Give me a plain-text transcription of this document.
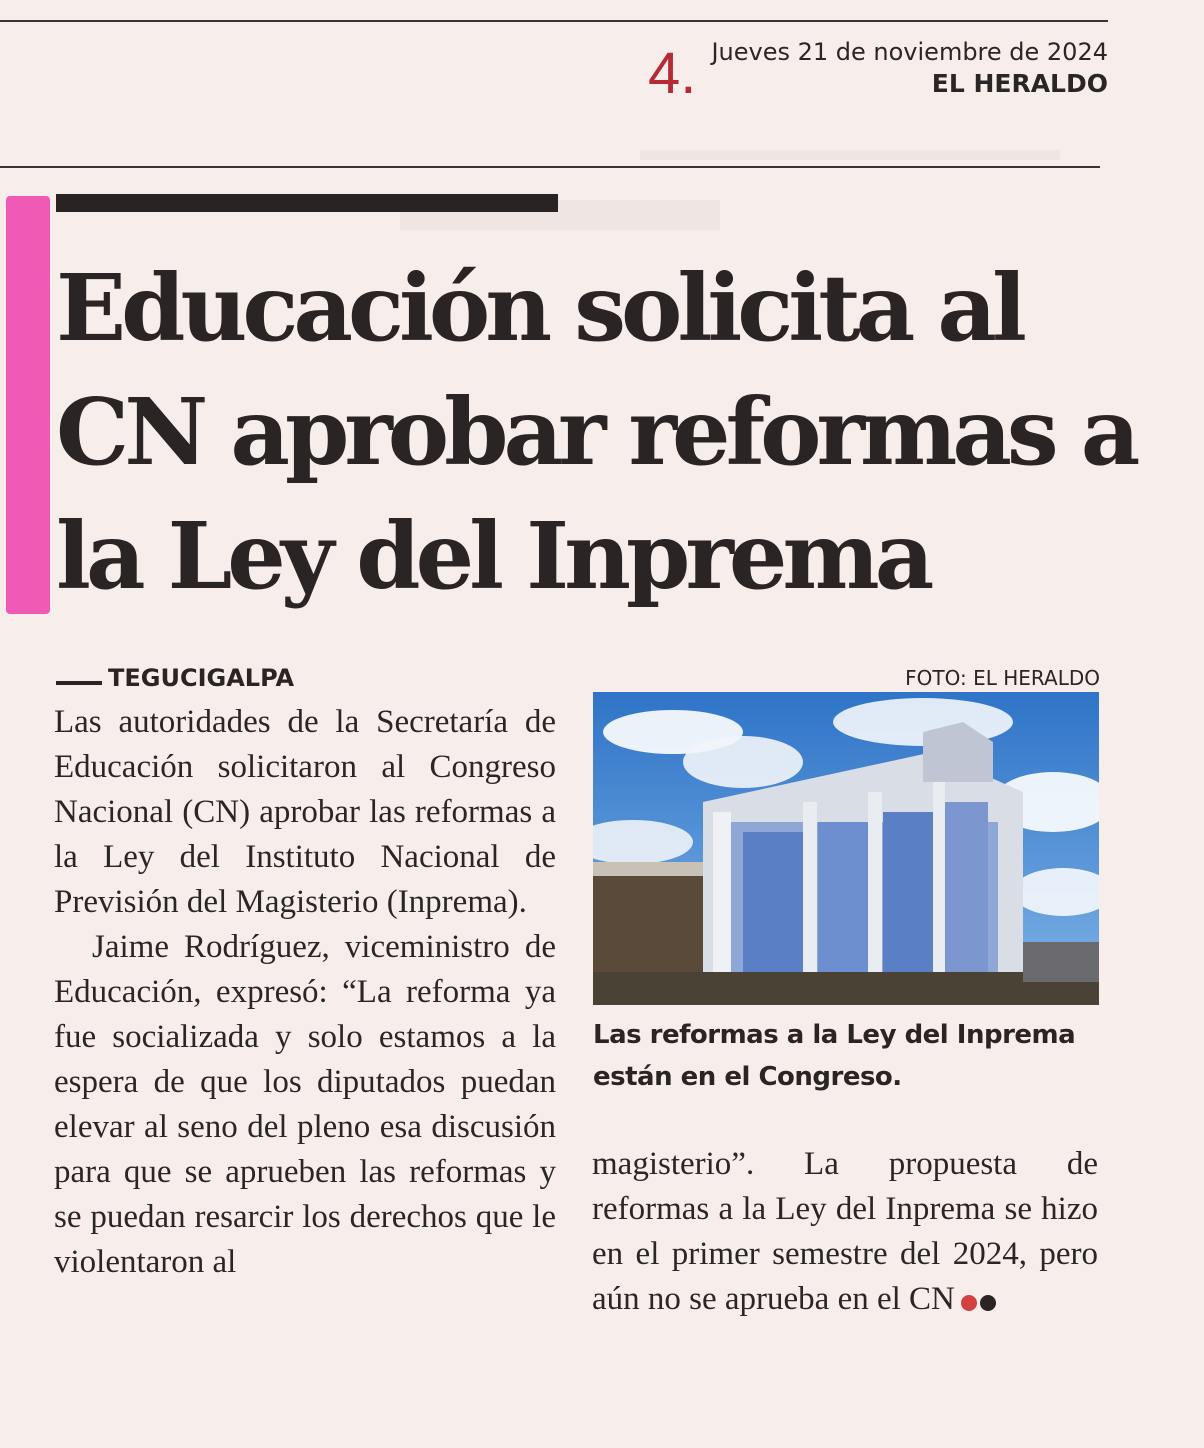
4. Jueves 21 de noviembre de 2024
EL HERALDO
Educación solicita al CN aprobar reformas a la Ley del Inprema
TEGUCIGALPA	FOTO: EL HERALDO

Las autoridades de la Secretaría de Educación solicitaron al Congreso Nacional (CN) aprobar las reformas a la Ley del Instituto Nacional de Previsión del Magisterio (Inprema).

Jaime Rodríguez, viceministro de Educación, expresó: “La reforma ya fue socializada y solo estamos a la espera de que los diputados puedan elevar al seno del pleno esa discusión para que se aprueben las reformas y se puedan resarcir los derechos que le violentaron al

Las reformas a la Ley del Inprema están en el Congreso.

magisterio”. La propuesta de reformas a la Ley del Inprema se hizo en el primer semestre del 2024, pero aún no se aprueba en el CN
